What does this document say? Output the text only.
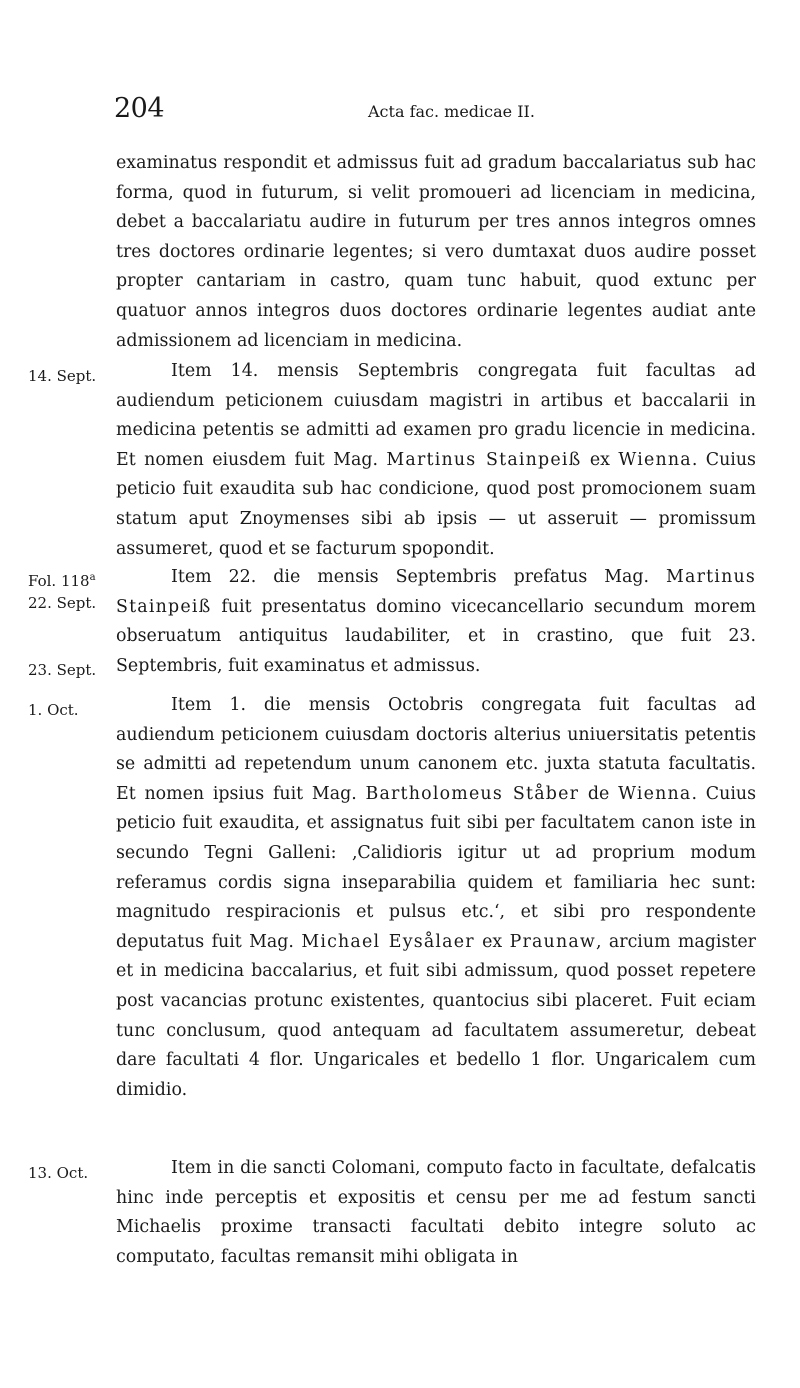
204	Acta fac. medicae II.
14. Sept.
Fol. 118$^a$
22. Sept.
23. Sept.
1. Oct.
13. Oct.

examinatus respondit et admissus fuit ad gradum baccalariatus sub hac forma, quod in futurum, si velit promoueri ad licenciam in medicina, debet a baccalariatu audire in futurum per tres annos integros omnes tres doctores ordinarie legentes; si vero dumtaxat duos audire posset propter cantariam in castro, quam tunc habuit, quod extunc per quatuor annos integros duos doctores ordinarie legentes audiat ante admissionem ad licenciam in medicina.

Item 14. mensis Septembris congregata fuit facultas ad audiendum peticionem cuiusdam magistri in artibus et baccalarii in medicina petentis se admitti ad examen pro gradu licencie in medicina. Et nomen eiusdem fuit Mag. Martinus Stainpeiß ex Wienna. Cuius peticio fuit exaudita sub hac condicione, quod post promocionem suam statum aput Znoymenses sibi ab ipsis — ut asseruit — promissum assumeret, quod et se facturum spopondit.

Item 22. die mensis Septembris prefatus Mag. Martinus Stainpeiß fuit presentatus domino vicecancellario secundum morem obseruatum antiquitus laudabiliter, et in crastino, que fuit 23. Septembris, fuit examinatus et admissus.

Item 1. die mensis Octobris congregata fuit facultas ad audiendum peticionem cuiusdam doctoris alterius uniuersitatis petentis se admitti ad repetendum unum canonem etc. juxta statuta facultatis. Et nomen ipsius fuit Mag. Bartholomeus Ståber de Wienna. Cuius peticio fuit exaudita, et assignatus fuit sibi per facultatem canon iste in secundo Tegni Galleni: ‚Calidioris igitur ut ad proprium modum referamus cordis signa inseparabilia quidem et familiaria hec sunt: magnitudo respiracionis et pulsus etc.‘, et sibi pro respondente deputatus fuit Mag. Michael Eysålaer ex Praunaw, arcium magister et in medicina baccalarius, et fuit sibi admissum, quod posset repetere post vacancias protunc existentes, quantocius sibi placeret. Fuit eciam tunc conclusum, quod antequam ad facultatem assumeretur, debeat dare facultati 4 flor. Ungaricales et bedello 1 flor. Ungaricalem cum dimidio.

Item in die sancti Colomani, computo facto in facultate, defalcatis hinc inde perceptis et expositis et censu per me ad festum sancti Michaelis proxime transacti facultati debito integre soluto ac computato, facultas remansit mihi obligata in
